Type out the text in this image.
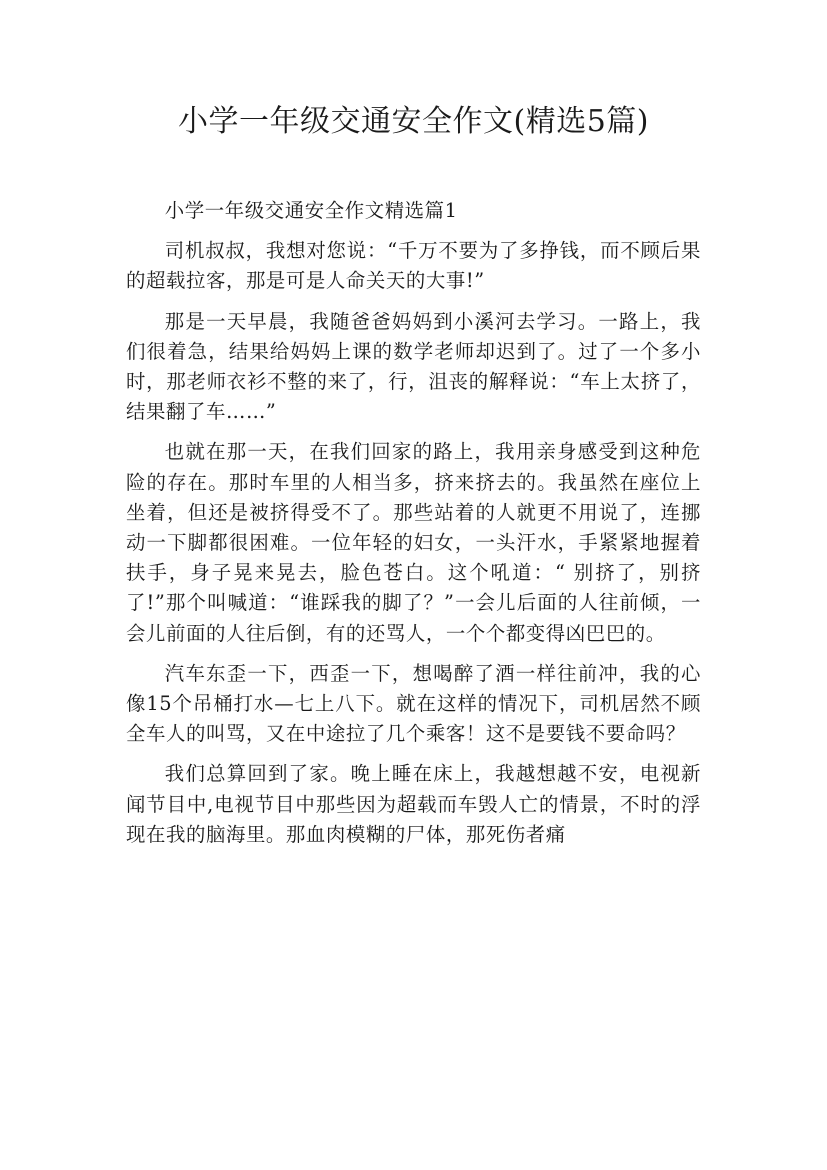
小学一年级交通安全作文(精选5篇)

小学一年级交通安全作文精选篇1

司机叔叔，我想对您说：“千万不要为了多挣钱，而不顾后果的超载拉客，那是可是人命关天的大事!”

那是一天早晨，我随爸爸妈妈到小溪河去学习。一路上，我们很着急，结果给妈妈上课的数学老师却迟到了。过了一个多小时，那老师衣衫不整的来了，行，沮丧的解释说：“车上太挤了，结果翻了车……”

也就在那一天，在我们回家的路上，我用亲身感受到这种危险的存在。那时车里的人相当多，挤来挤去的。我虽然在座位上坐着，但还是被挤得受不了。那些站着的人就更不用说了，连挪动一下脚都很困难。一位年轻的妇女，一头汗水，手紧紧地握着扶手，身子晃来晃去，脸色苍白。这个吼道：“ 别挤了，别挤了!”那个叫喊道：“谁踩我的脚了？”一会儿后面的人往前倾，一会儿前面的人往后倒，有的还骂人，一个个都变得凶巴巴的。

汽车东歪一下，西歪一下，想喝醉了酒一样往前冲，我的心像15个吊桶打水—七上八下。就在这样的情况下，司机居然不顾全车人的叫骂，又在中途拉了几个乘客！这不是要钱不要命吗？

我们总算回到了家。晚上睡在床上，我越想越不安，电视新闻节目中,电视节目中那些因为超载而车毁人亡的情景，不时的浮现在我的脑海里。那血肉模糊的尸体，那死伤者痛
